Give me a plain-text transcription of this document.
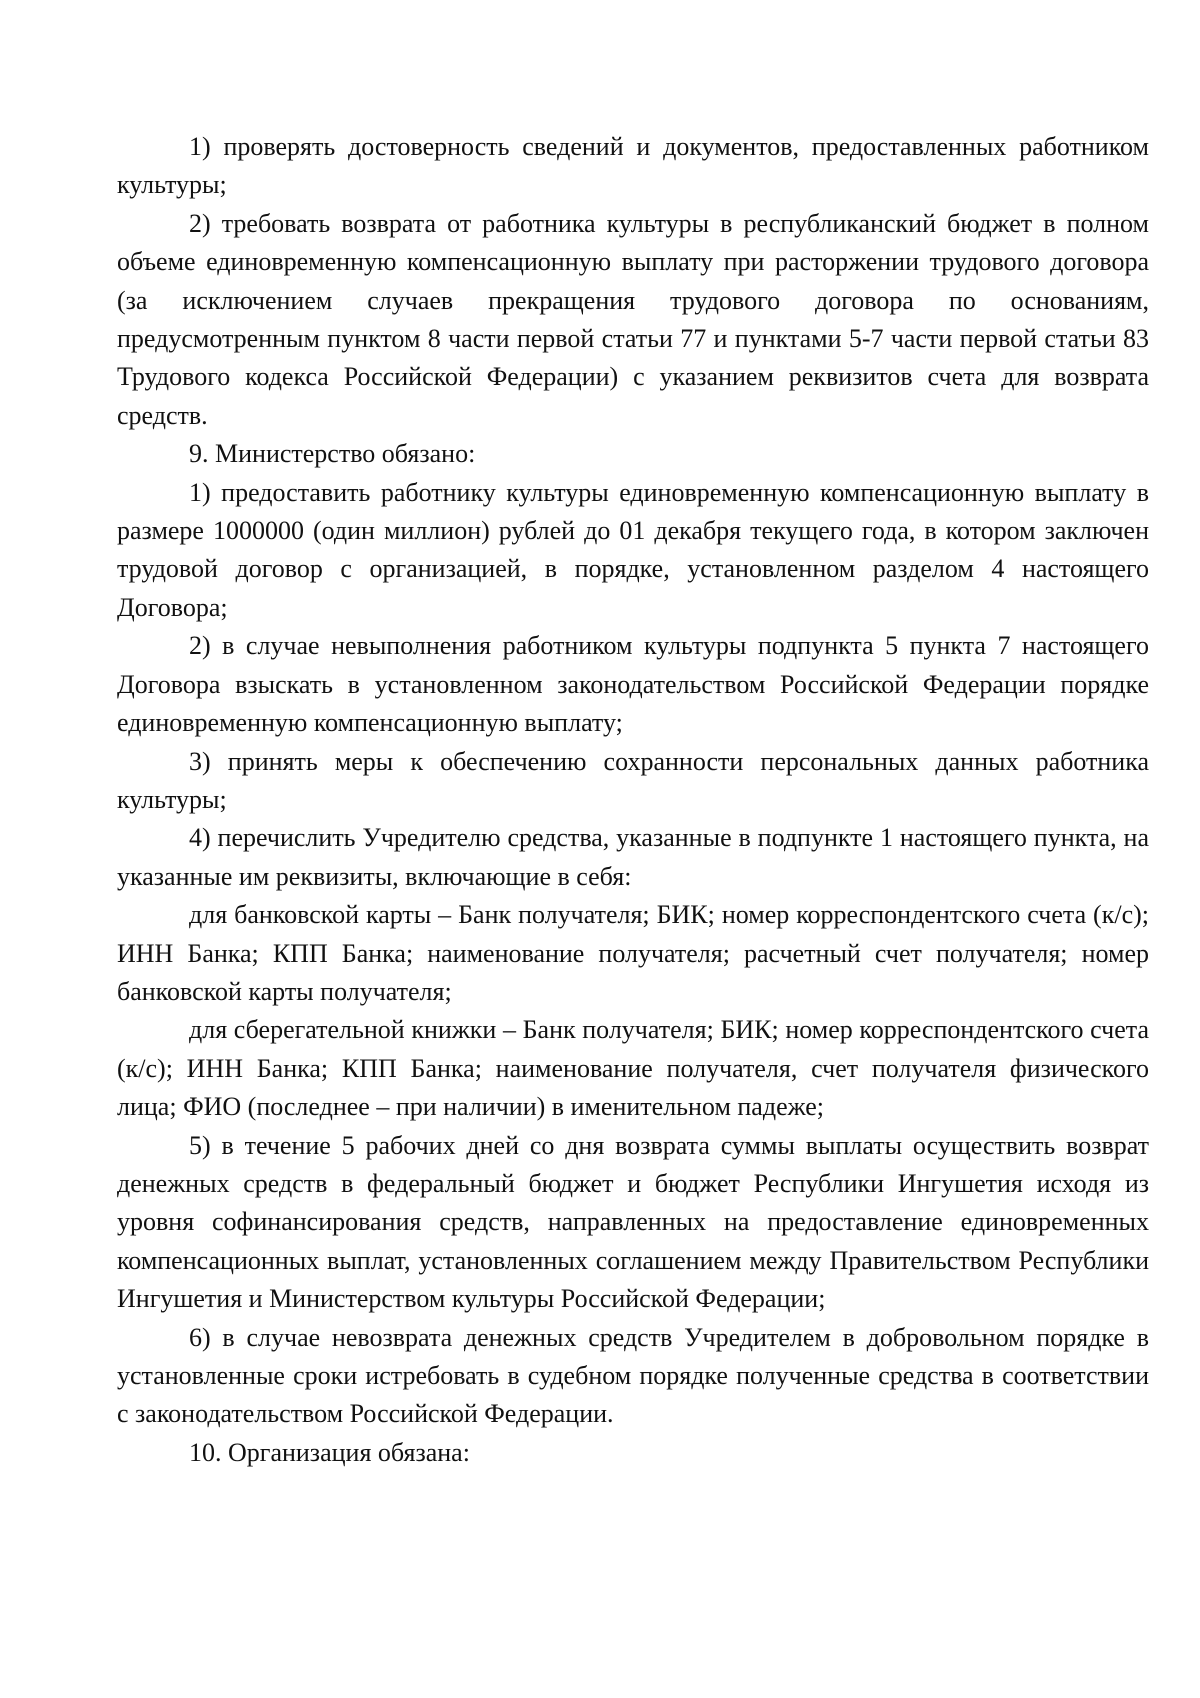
1) проверять достоверность сведений и документов, предоставленных работником культуры;

2) требовать возврата от работника культуры в республиканский бюджет в полном объеме единовременную компенсационную выплату при расторжении трудового договора (за исключением случаев прекращения трудового договора по основаниям, предусмотренным пунктом 8 части первой статьи 77 и пунктами 5-7 части первой статьи 83 Трудового кодекса Российской Федерации) с указанием реквизитов счета для возврата средств.

9. Министерство обязано:

1) предоставить работнику культуры единовременную компенсационную выплату в размере 1000000 (один миллион) рублей до 01 декабря текущего года, в котором заключен трудовой договор с организацией, в порядке, установленном разделом 4 настоящего Договора;

2) в случае невыполнения работником культуры подпункта 5 пункта 7 настоящего Договора взыскать в установленном законодательством Российской Федерации порядке единовременную компенсационную выплату;

3) принять меры к обеспечению сохранности персональных данных работника культуры;

4) перечислить Учредителю средства, указанные в подпункте 1 настоящего пункта, на указанные им реквизиты, включающие в себя:

для банковской карты – Банк получателя; БИК; номер корреспондентского счета (к/с); ИНН Банка; КПП Банка; наименование получателя; расчетный счет получателя; номер банковской карты получателя;

для сберегательной книжки – Банк получателя; БИК; номер корреспондентского счета (к/с); ИНН Банка; КПП Банка; наименование получателя, счет получателя физического лица; ФИО (последнее – при наличии) в именительном падеже;

5) в течение 5 рабочих дней со дня возврата суммы выплаты осуществить возврат денежных средств в федеральный бюджет и бюджет Республики Ингушетия исходя из уровня софинансирования средств, направленных на предоставление единовременных компенсационных выплат, установленных соглашением между Правительством Республики Ингушетия и Министерством культуры Российской Федерации;

6) в случае невозврата денежных средств Учредителем в добровольном порядке в установленные сроки истребовать в судебном порядке полученные средства в соответствии с законодательством Российской Федерации.

10. Организация обязана:
